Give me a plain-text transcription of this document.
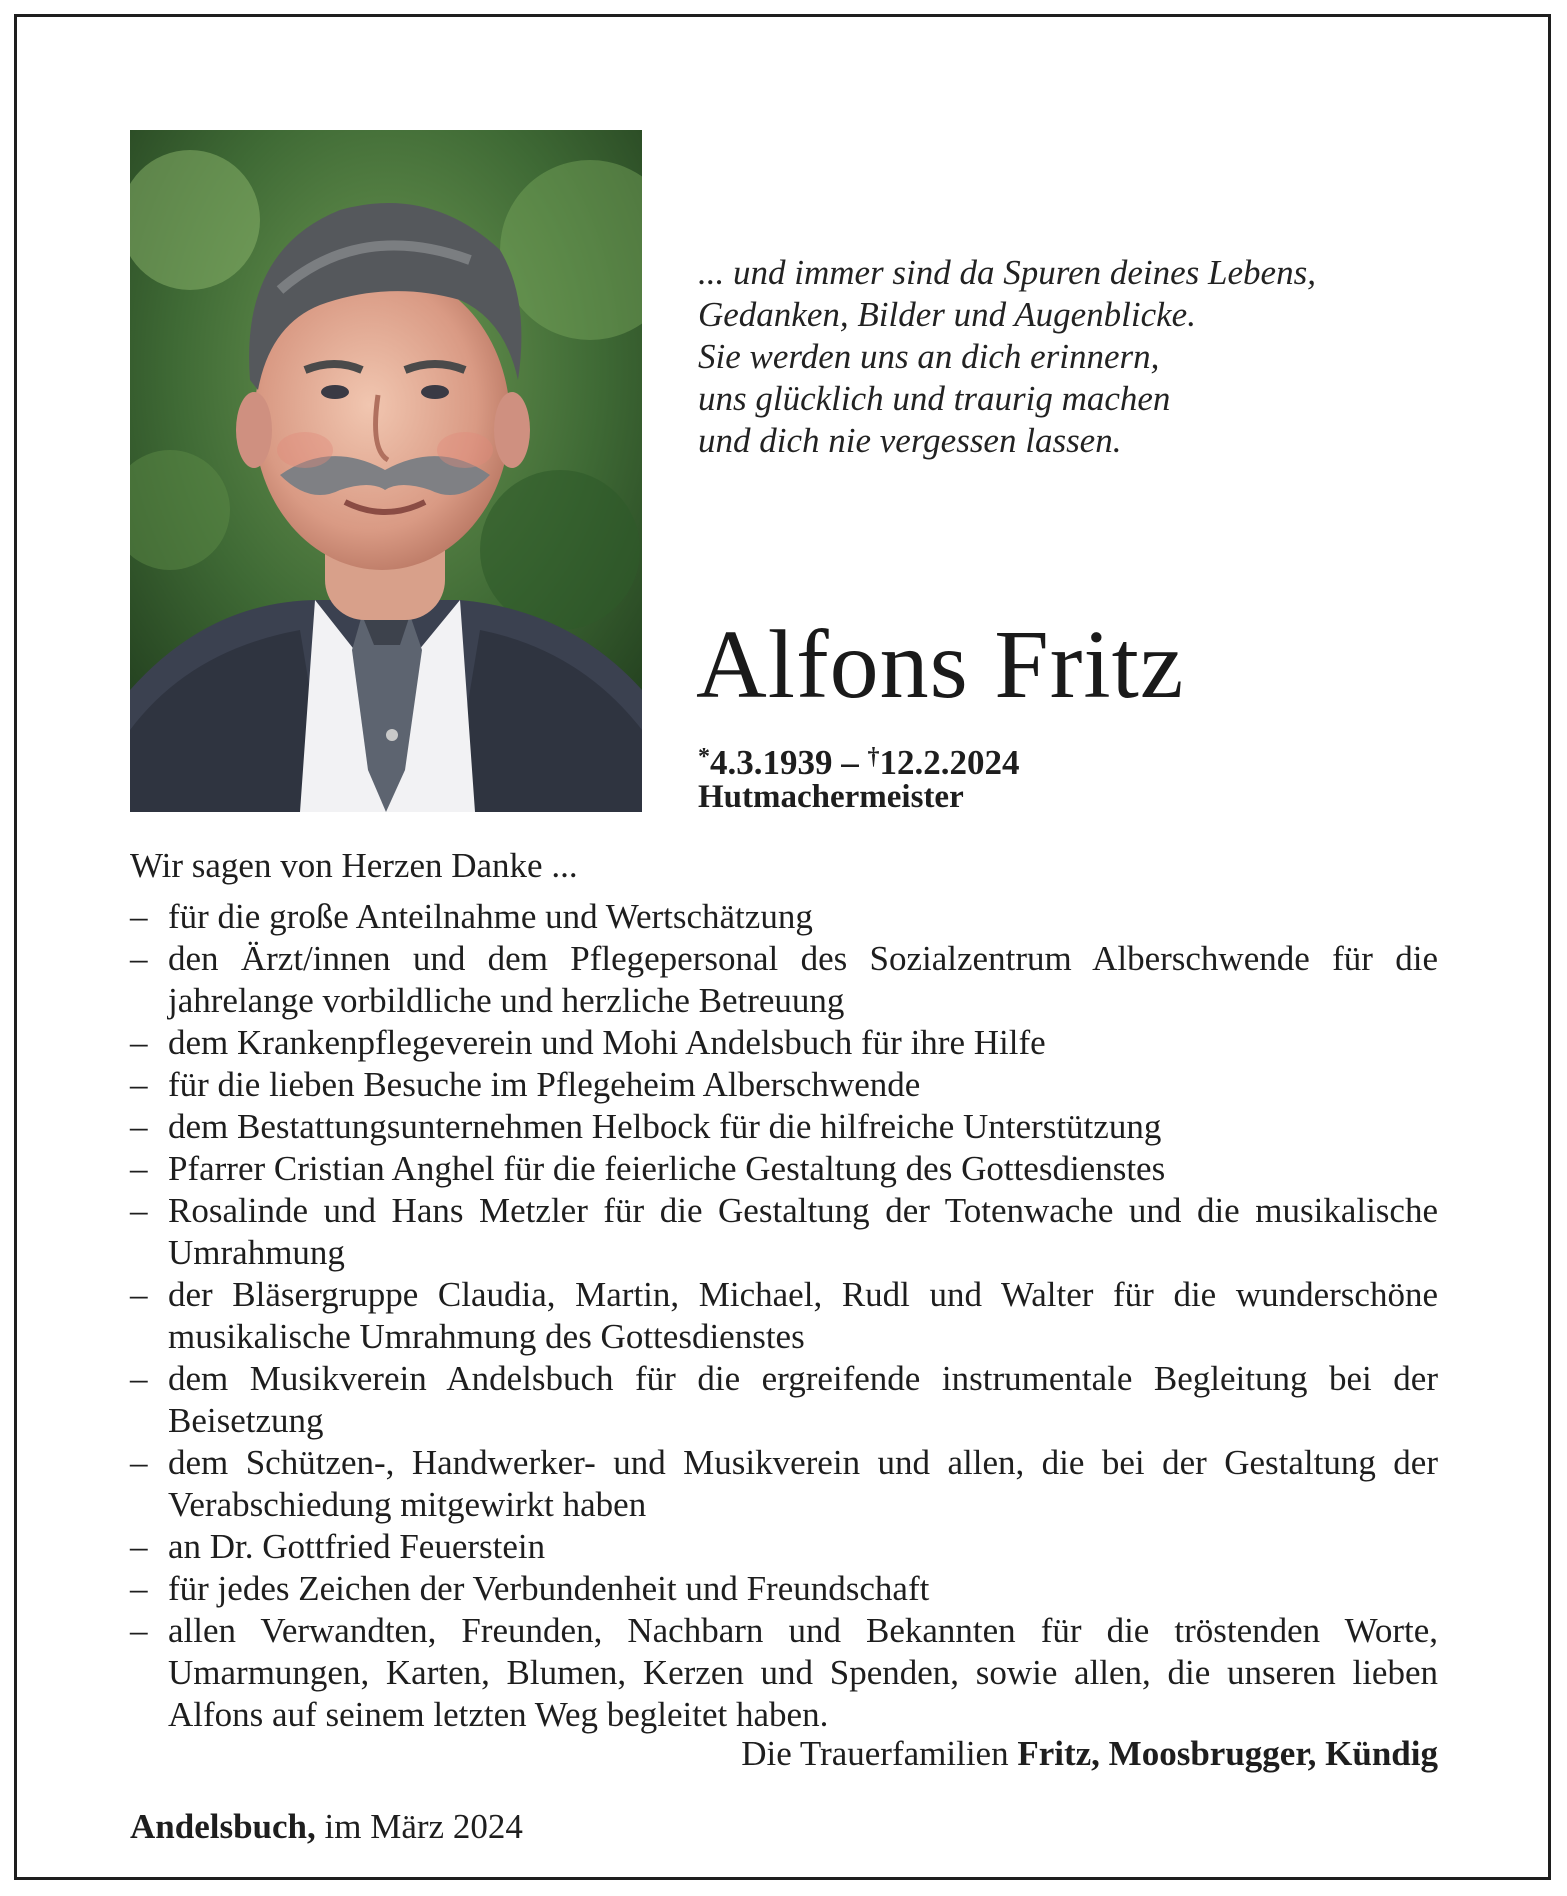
... und immer sind da Spuren deines Lebens,
Gedanken, Bilder und Augenblicke.
Sie werden uns an dich erinnern,
uns glücklich und traurig machen
und dich nie vergessen lassen.
Alfons Fritz
*4.3.1939 – †12.2.2024
Hutmachermeister
Wir sagen von Herzen Danke ...
– für die große Anteilnahme und Wertschätzung
– den Ärzt/innen und dem Pflegepersonal des Sozialzentrum Alberschwende für die jahrelange vorbildliche und herzliche Betreuung
– dem Krankenpflegeverein und Mohi Andelsbuch für ihre Hilfe
– für die lieben Besuche im Pflegeheim Alberschwende
– dem Bestattungsunternehmen Helbock für die hilfreiche Unterstützung
– Pfarrer Cristian Anghel für die feierliche Gestaltung des Gottesdienstes
– Rosalinde und Hans Metzler für die Gestaltung der Totenwache und die musikalische Umrahmung
– der Bläsergruppe Claudia, Martin, Michael, Rudl und Walter für die wunderschöne musikalische Umrahmung des Gottesdienstes
– dem Musikverein Andelsbuch für die ergreifende instrumentale Begleitung bei der Beisetzung
– dem Schützen-, Handwerker- und Musikverein und allen, die bei der Gestaltung der Verabschiedung mitgewirkt haben
– an Dr. Gottfried Feuerstein
– für jedes Zeichen der Verbundenheit und Freundschaft
– allen Verwandten, Freunden, Nachbarn und Bekannten für die tröstenden Worte, Umarmungen, Karten, Blumen, Kerzen und Spenden, sowie allen, die unseren lieben Alfons auf seinem letzten Weg begleitet haben.
Die Trauerfamilien Fritz, Moosbrugger, Kündig
Andelsbuch, im März 2024
